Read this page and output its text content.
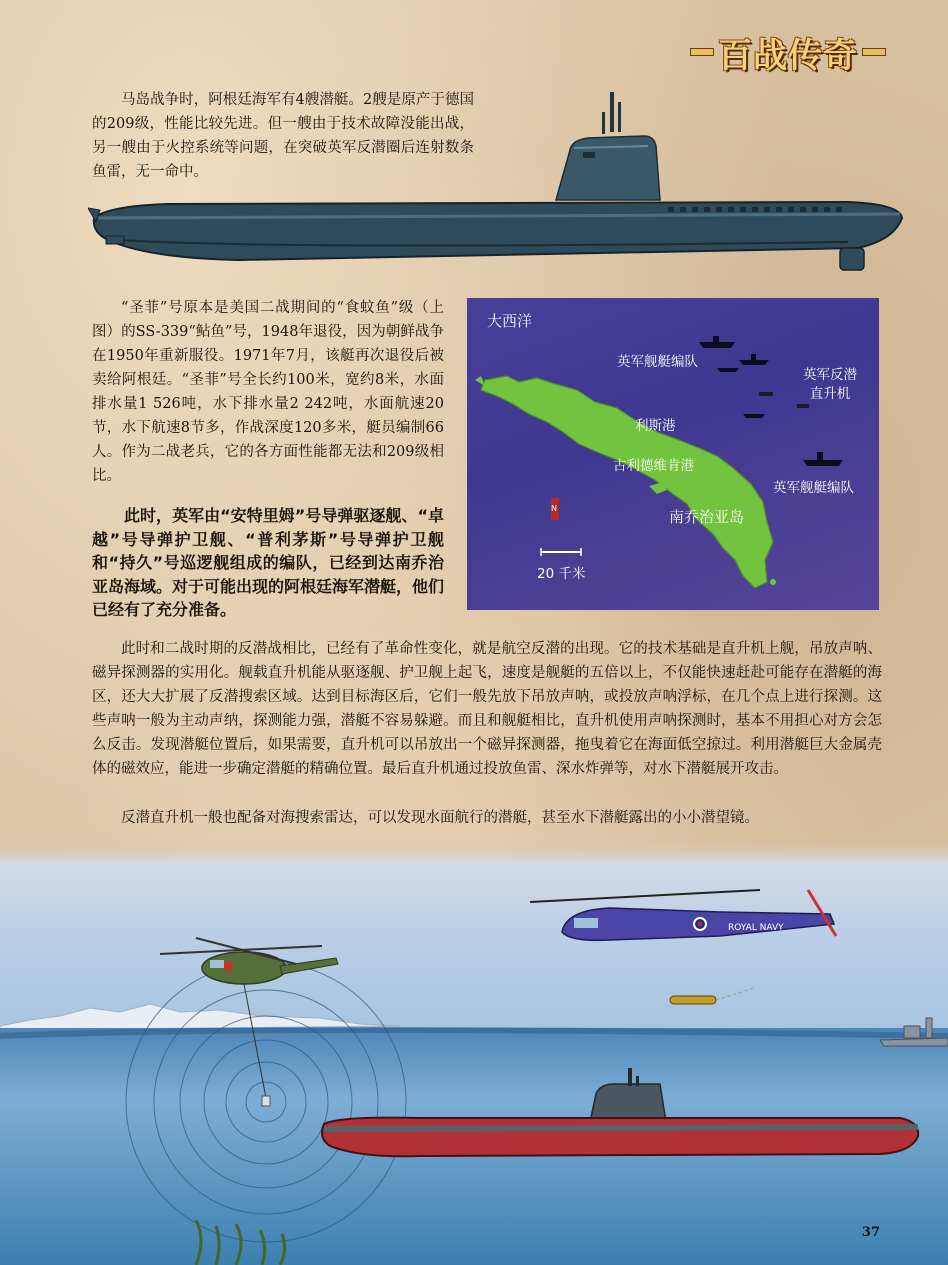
百战传奇
马岛战争时，阿根廷海军有4艘潜艇。2艘是原产于德国的209级，性能比较先进。但一艘由于技术故障没能出战，另一艘由于火控系统等问题，在突破英军反潜圈后连射数条鱼雷，无一命中。
“圣菲”号原本是美国二战期间的“食蚊鱼”级（上图）的SS-339“鲇鱼”号，1948年退役，因为朝鲜战争在1950年重新服役。1971年7月，该艇再次退役后被卖给阿根廷。“圣菲”号全长约100米，宽约8米，水面排水量1 526吨，水下排水量2 242吨，水面航速20节，水下航速8节多，作战深度120多米，艇员编制66人。作为二战老兵，它的各方面性能都无法和209级相比。
此时，英军由“安特里姆”号导弹驱逐舰、“卓越”号导弹护卫舰、“普利茅斯”号导弹护卫舰和“持久”号巡逻舰组成的编队，已经到达南乔治亚岛海域。对于可能出现的阿根廷海军潜艇，他们已经有了充分准备。
大西洋
英军舰艇编队
英军反潜
直升机
利斯港
古利德维肯港
英军舰艇编队
南乔治亚岛
N
20 千米
此时和二战时期的反潜战相比，已经有了革命性变化，就是航空反潜的出现。它的技术基础是直升机上舰，吊放声呐、磁异探测器的实用化。舰载直升机能从驱逐舰、护卫舰上起飞，速度是舰艇的五倍以上，不仅能快速赶赴可能存在潜艇的海区，还大大扩展了反潜搜索区域。达到目标海区后，它们一般先放下吊放声呐，或投放声呐浮标，在几个点上进行探测。这些声呐一般为主动声纳，探测能力强，潜艇不容易躲避。而且和舰艇相比，直升机使用声呐探测时，基本不用担心对方会怎么反击。发现潜艇位置后，如果需要，直升机可以吊放出一个磁异探测器，拖曳着它在海面低空掠过。利用潜艇巨大金属壳体的磁效应，能进一步确定潜艇的精确位置。最后直升机通过投放鱼雷、深水炸弹等，对水下潜艇展开攻击。
反潜直升机一般也配备对海搜索雷达，可以发现水面航行的潜艇，甚至水下潜艇露出的小小潜望镜。
ROYAL NAVY
37
